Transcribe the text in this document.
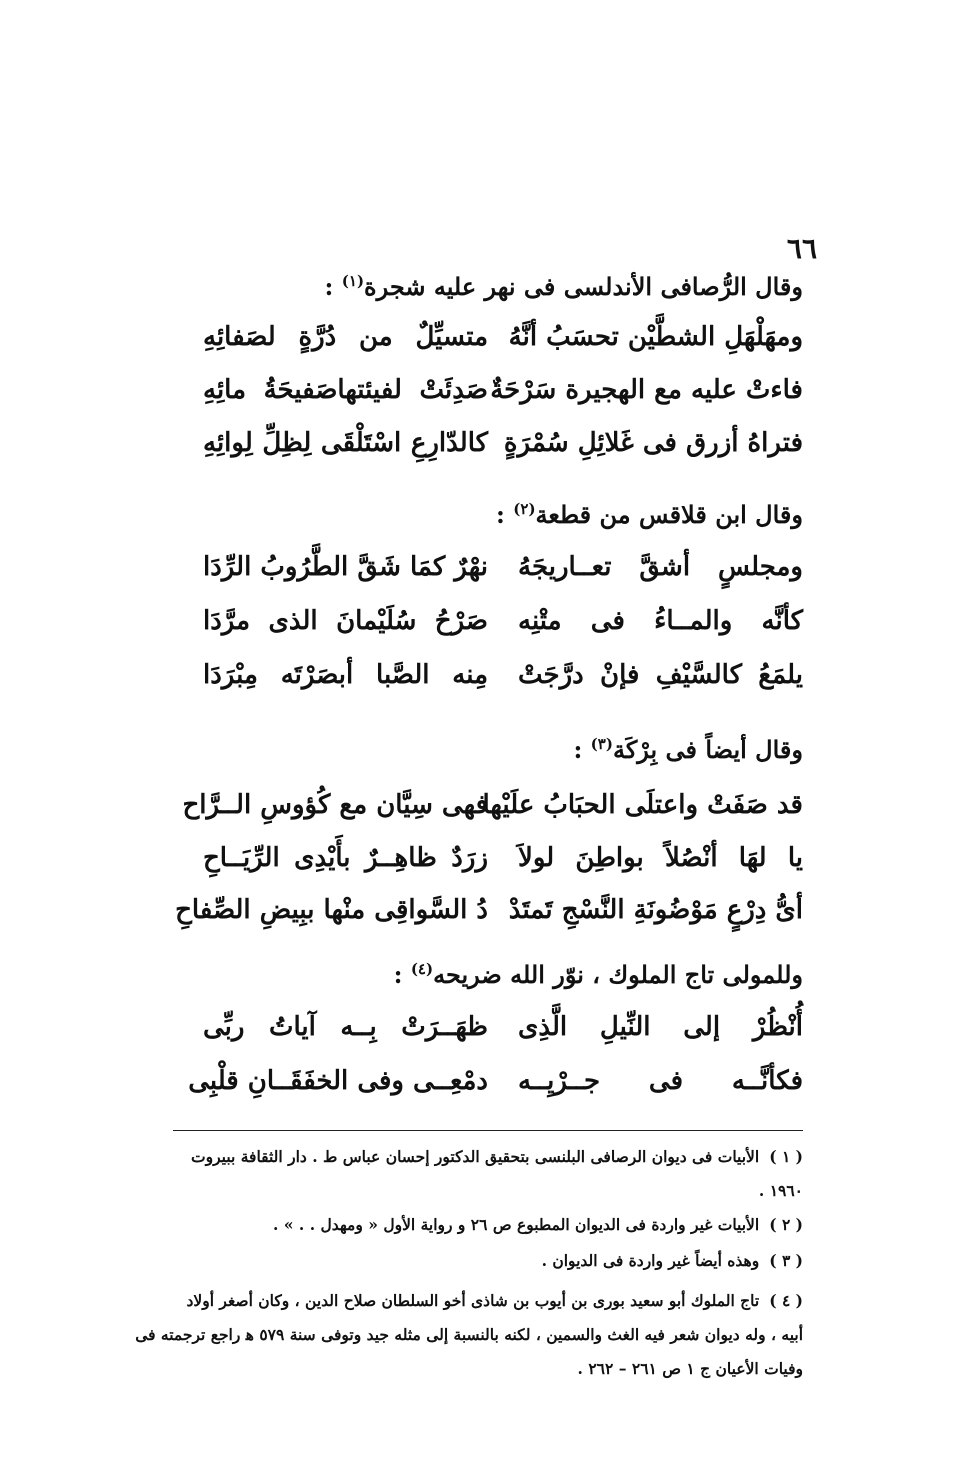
٦٦
وقال الرُّصافى الأندلسى فى نهر عليه شجرة$^{(١)}$ :
ومهَلْهَلِ الشطَّيْن تحسَبُ أنَّهُ
متسيِّلٌ من دُرَّةٍ لصَفائِهِ
فاءتْ عليه مع الهجيرة سَرْحَةٌ
صَدِئَتْ لفيئتهاصَفيحَةُ مائِهِ
فتراهُ أزرق فى غَلائِلِ سُمْرَةٍ
كالدّارِعِ اسْتَلْقَى لِظِلِّ لِوائِهِ
وقال ابن قلاقس من قطعة$^{(٢)}$ :
ومجلسٍ أشقَّ تعــاريجَهُ
نهْرٌ كمَا شَقَّ الطَّرُوبُ الرِّدَا
كأنَّه والمــاءُ فى متْنِه
صَرْحُ سُلَيْمانَ الذى مرَّدَا
يلمَعُ كالسَّيْفِ فإنْ درَّجَتْ
مِنه الصَّبا أبصَرْتَه مِبْرَدَا
وقال أيضاً فى بِرْكَة$^{(٣)}$ :
قد صَفَتْ واعتلَى الحبَابُ علَيْها
فهى سِيَّان مع كُؤوسِ الــرَّاح
يا لهَا أنْصُلاً بواطِنَ لولاَ
زرَدٌ ظاهِــرٌ بأَيْدِى الرِّيَــاحِ
أىُّ دِرْعٍ مَوْضُونَةِ النَّسْجِ تَمتَدْ
دُ السَّواقِى منْها ببِيضِ الصِّفاحِ
وللمولى تاج الملوك ، نوّر الله ضريحه$^{(٤)}$ :
أُنْظُرْ إلى النِّيلِ الَّذِى
ظهَــرَتْ بِــه آياتُ ربِّى
فكأنَّــه فى جــرْيِــه
دمْعِــى وفى الخفَقَــانِ قلْبِى
( ١ )الأبيات فى ديوان الرصافى البلنسى بتحقيق الدكتور إحسان عباس ط . دار الثقافة ببيروت
١٩٦٠ .
( ٢ )الأبيات غير واردة فى الديوان المطبوع ص ٢٦ و رواية الأول « ومهدل . . » .
( ٣ )وهذه أيضاً غير واردة فى الديوان .
( ٤ )تاج الملوك أبو سعيد بورى بن أيوب بن شاذى أخو السلطان صلاح الدين ، وكان أصغر أولاد
أبيه ، وله ديوان شعر فيه الغث والسمين ، لكنه بالنسبة إلى مثله جيد وتوفى سنة ٥٧٩ ﻫ راجع ترجمته فى
وفيات الأعيان ج ١ ص ٢٦١ – ٢٦٢ .
